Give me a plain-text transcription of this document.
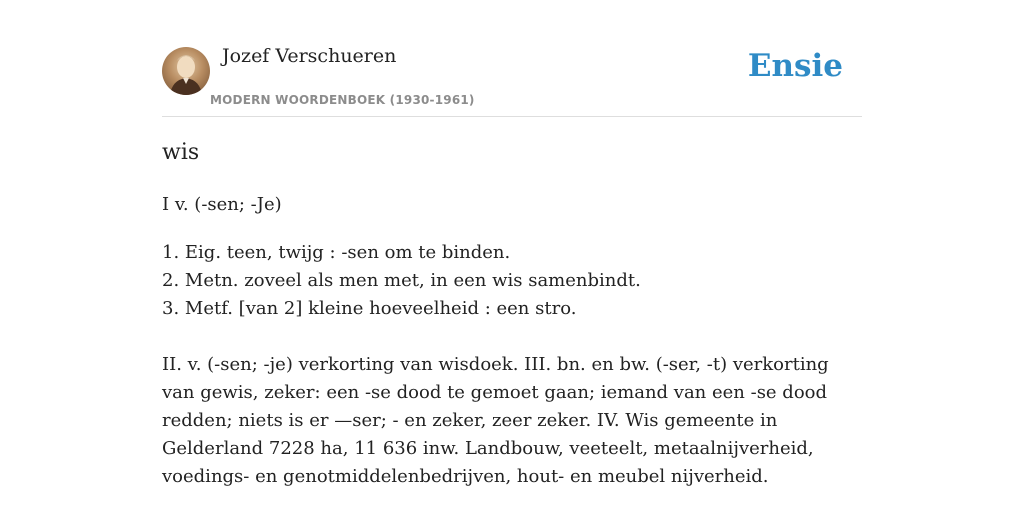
Jozef Verschueren
MODERN WOORDENBOEK (1930-1961)
Ensie
wis
I v. (-sen; -Je)
1. Eig. teen, twijg : -sen om te binden.
2. Metn. zoveel als men met, in een wis samenbindt.
3. Metf. [van 2] kleine hoeveelheid : een stro.

II. v. (-sen; -je) verkorting van wisdoek. III. bn. en bw. (-ser, -t) verkorting van gewis, zeker: een -se dood te gemoet gaan; iemand van een -se dood redden; niets is er —ser; - en zeker, zeer zeker. IV. Wis gemeente in Gelderland 7228 ha, 11 636 inw. Landbouw, veeteelt, metaalnijverheid, voedings- en genotmiddelenbedrijven, hout- en meubel nijverheid.
